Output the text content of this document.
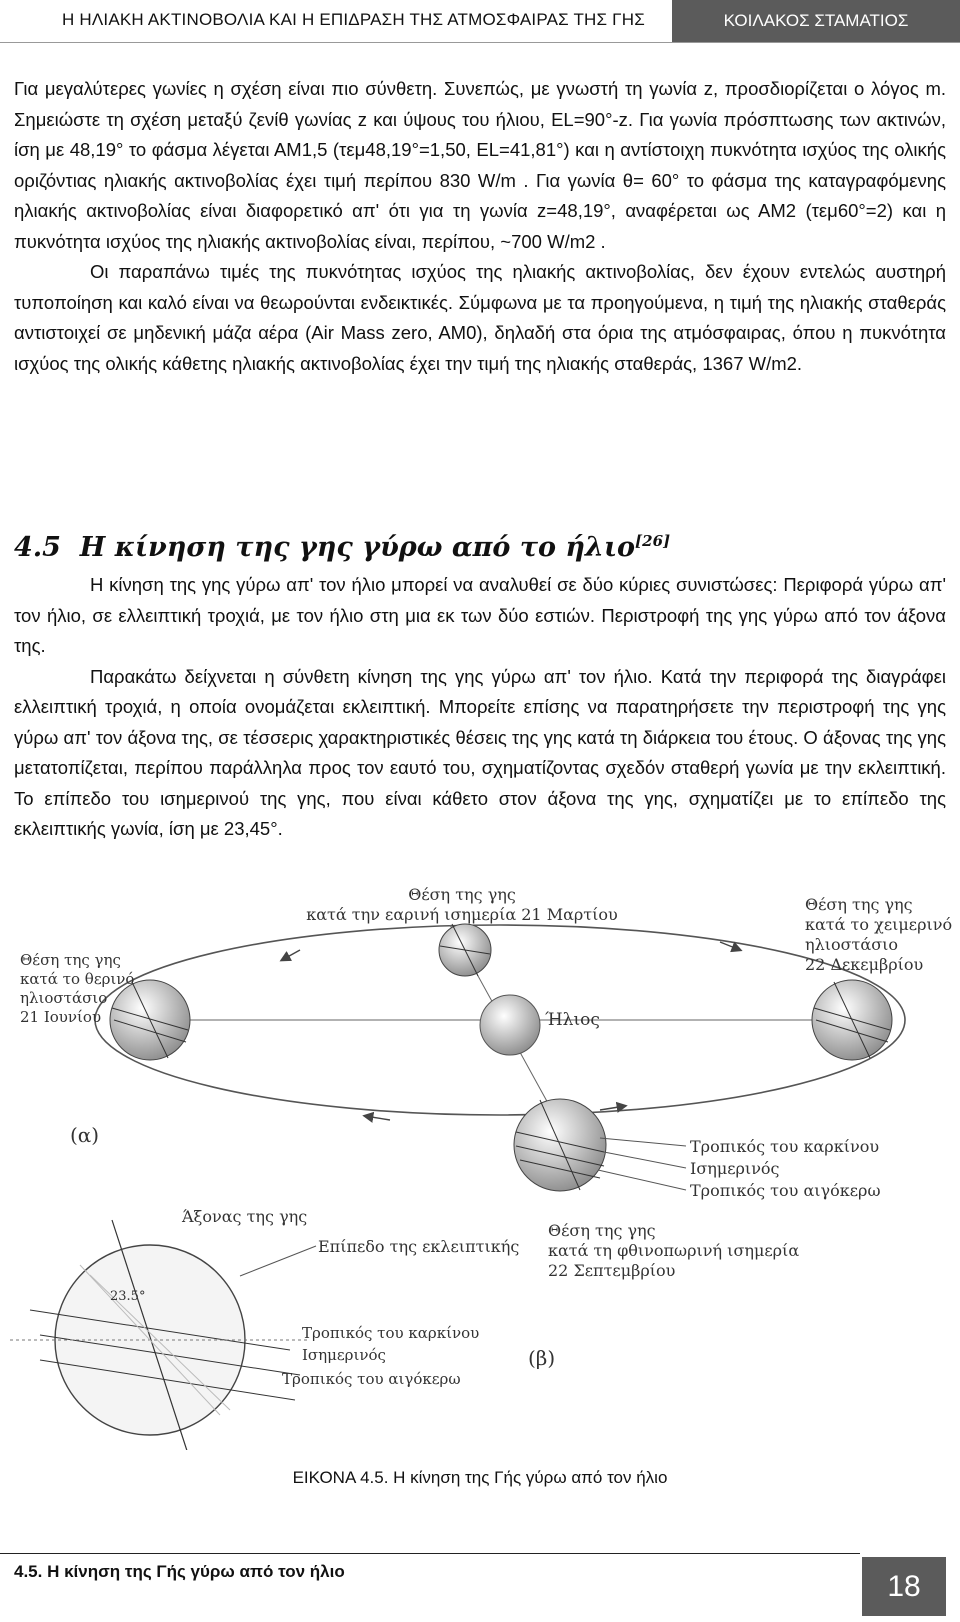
Η ΗΛΙΑΚΗ ΑΚΤΙΝΟΒΟΛΙΑ ΚΑΙ Η ΕΠΙΔΡΑΣΗ ΤΗΣ ΑΤΜΟΣΦΑΙΡΑΣ ΤΗΣ ΓΗΣ	ΚΟΙΛΑΚΟΣ ΣΤΑΜΑΤΙΟΣ

Για μεγαλύτερες γωνίες η σχέση είναι πιο σύνθετη. Συνεπώς, με γνωστή τη γωνία z, προσδιορίζεται ο λόγος m. Σημειώστε τη σχέση μεταξύ ζενίθ γωνίας z και ύψους του ήλιου, EL=90°-z. Για γωνία πρόσπτωσης των ακτινών, ίση με 48,19° το φάσμα λέγεται ΑΜ1,5 (τεμ48,19°=1,50, EL=41,81°) και η αντίστοιχη πυκνότητα ισχύος της ολικής οριζόντιας ηλιακής ακτινοβολίας έχει τιμή περίπου 830 W/m . Για γωνία θ= 60° το φάσμα της καταγραφόμενης ηλιακής ακτινοβολίας είναι διαφορετικό απ' ότι για τη γωνία z=48,19°, αναφέρεται ως ΑΜ2 (τεμ60°=2) και η πυκνότητα ισχύος της ηλιακής ακτινοβολίας είναι, περίπου, ~700 W/m2 .

Οι παραπάνω τιμές της πυκνότητας ισχύος της ηλιακής ακτινοβολίας, δεν έχουν εντελώς αυστηρή τυποποίηση και καλό είναι να θεωρούνται ενδεικτικές. Σύμφωνα με τα προηγούμενα, η τιμή της ηλιακής σταθεράς αντιστοιχεί σε μηδενική μάζα αέρα (Air Mass zero, AM0), δηλαδή στα όρια της ατμόσφαιρας, όπου η πυκνότητα ισχύος της ολικής κάθετης ηλιακής ακτινοβολίας έχει την τιμή της ηλιακής σταθεράς, 1367 W/m2.

4.5 Η κίνηση της γης γύρω από το ήλιο[26]

Η κίνηση της γης γύρω απ' τον ήλιο μπορεί να αναλυθεί σε δύο κύριες συνιστώσες: Περιφορά γύρω απ' τον ήλιο, σε ελλειπτική τροχιά, με τον ήλιο στη μια εκ των δύο εστιών. Περιστροφή της γης γύρω από τον άξονα της.

Παρακάτω δείχνεται η σύνθετη κίνηση της γης γύρω απ' τον ήλιο. Κατά την περιφορά της διαγράφει ελλειπτική τροχιά, η οποία ονομάζεται εκλειπτική. Μπορείτε επίσης να παρατηρήσετε την περιστροφή της γης γύρω απ' τον άξονα της, σε τέσσερις χαρακτηριστικές θέσεις της γης κατά τη διάρκεια του έτους. Ο άξονας της γης μετατοπίζεται, περίπου παράλληλα προς τον εαυτό του, σχηματίζοντας σχεδόν σταθερή γωνία με την εκλειπτική. Το επίπεδο του ισημερινού της γης, που είναι κάθετο στον άξονα της γης, σχηματίζει με το επίπεδο της εκλειπτικής γωνία, ίση με 23,45°.

Ήλιος
Θέση της γης
κατά την εαρινή ισημερία 21 Μαρτίου
Θέση της γης
κατά το χειμερινό
ηλιοστάσιο
22 Δεκεμβρίου
Θέση της γης
κατά το θερινό
ηλιοστάσιο
21 Ιουνίου
(α)	Τροπικός του καρκίνου
Ισημερινός
Τροπικός του αιγόκερω
Άξονας της γης
Επίπεδο της εκλειπτικής
23.5°
Τροπικός του καρκίνου
Ισημερινός
Τροπικός του αιγόκερω
(β)
Θέση της γης
κατά τη φθινοπωρινή ισημερία
22 Σεπτεμβρίου
ΕΙΚΟΝΑ 4.5. Η κίνηση της Γής γύρω από τον ήλιο
4.5. Η κίνηση της Γής γύρω από τον ήλιο	18
